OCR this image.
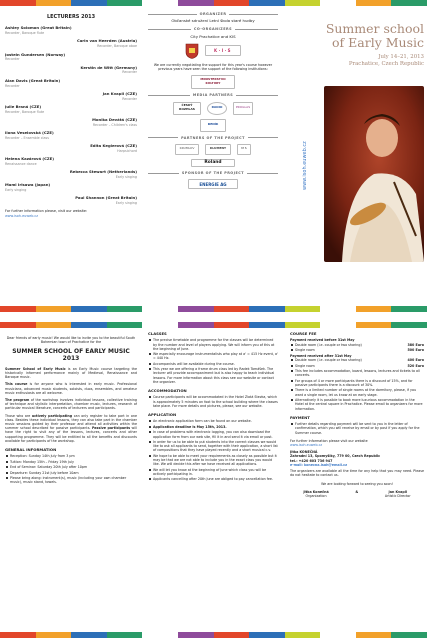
LECTURERS 2013
Ashley Solomon (Great Britain)
Recorder, Baroque flute
Carin van Heerden (Austria)
Recorder, Baroque oboe
Jostein Gundersen (Norway)
Recorder
Kerstin de Witt (Germany)
Recorder
Alan Davis (Great Britain)
Recorder
Jan Kvapil (CZE)
Recorder
Julie Braná (CZE)
Recorder, Baroque flute
Monika Devátá (CZE)
Recorder – Children's class
Ilona Veselovská (CZE)
Recorder – Ensemble class
Edita Keglerová (CZE)
Harpsichord
Helena Kazárová (CZE)
Renaissance dance
Rebecca Stewart (Netherlands)
Early singing
Mami Irisawa (Japan)
Early singing
Paul Shannon (Great Britain)
Early singing
For further information please, visit our website:
www.isoh.euweb.cz
ORGANIZER
Občanské sdružení Letní škola staré hudby
CO-ORGANIZERS
City Prachatice and KIS
K·I·S
We are currently negotiating the support for this year's course however previous years have seen the support of the following institutions:
MINISTERSTVO KULTURY
MEDIA PARTNERS
ČESKÝ ROZHLAS	RADIO	PROGLAS
DENÍK
PARTNERS OF THE PROJECT
KRUMLOV	KLUMENT	M S
Roland
SPONSOR OF THE PROJECT
ENERGIE AG
Summer school
of Early Music
July 14–21, 2013
Prachatice, Czech Republic
www.isoh.euweb.cz
Dear friends of early music! We would like to invite you to the beautiful South Bohemian town of Prachatice for the
SUMMER SCHOOL OF EARLY MUSIC 2013
Summer School of Early Music is an Early Music course targeting the historically informed performance mainly of Medieval, Renaissance and Baroque music.
This course is for anyone who is interested in early music. Professional musicians, advanced music students, soloists, duos, ensembles, and amateur music enthusiasts are all welcome.
The program of the workshop involves individual lessons, collective training of technique and stylistic interpretation, chamber music, lectures, research of particular musical literature, concerts of lecturers and participants.
Those who are actively participating can only register to take part in one class. Besides these individual lessons, they can also take part in the chamber music sessions guided by their professor and attend all activities within the summer school described for passive participants. Passive participants will have the right to visit any of the lessons, lectures, concerts and other supporting programme. They will be entitled to all the benefits and discounts available for participants of the workshop.
GENERAL INFORMATION
Reception: Sunday 14th July from 3 pm
Tuition: Monday 15th – Friday 19th July
End of Seminar: Saturday 20th July after 10pm
Departure: Sunday 21st July before 10am
Please bring along: instrument(s), music (including your own chamber music), music stand, towels.
CLASSES
The precise timetable and programme for the classes will be determined by the number and level of players applying. We will inform you of this at the beginning of June.
We especially encourage instrumentalists who play at a' = 415 Hz event, a' = 440 Hz.
Accompanists will be available during the course.
This year we are offering a frame drum class led by Radek Tomášek. The lecturer will provide accompaniment but is also happy to teach individual lessons. For more information about this class see our website or contact the organizer.
ACCOMMODATION
Course participants will be accommodated in the Hotel Zlatá Stezka, which is approximately 5 minutes on foot to the school building where the classes take place. For more details and pictures, please, see our website.
APPLICATION
An electronic application form can be found on our website.
Application deadline is May 15th, 2013.
In case of problems with electronic logging, you can also download the application form from our web site, fill it in and send it via email or post.
In order for us to be able to put students into the correct classes we would like to ask all applicants to send, together with their application, a short list of compositions that they have played recently and a short musical c.v.
We hope to be able to meet your requirements as closely as possible but it may be that we are not able to include you in the exact class you would like. We will decide this after we have received all applications.
We will let you know at the beginning of June which class you will be actively participating in.
Applicants cancelling after 20th June are obliged to pay cancellation fee.
COURSE FEE
Payment received before 31st May
Double room (i.e. couple or two sharing)	380 Euro
Single room	500 Euro
Payment received after 31st May
Double room (i.e. couple or two sharing)	400 Euro
Single room	520 Euro
This fee includes accommodation, board, lessons, lectures and tickets to all concerts.
For groups of 4 or more participants there is a discount of 15%, and for passive participants there is a discount of 30%.
There is a limited number of single rooms at the dormitory, please, if you want a single room, let us know at an early stage.
Alternatively it is possible to book more luxurious accommodation in the Hotel at the central square in Prachatice. Please email to organizers for more information.
PAYMENT
Further details regarding payment will be sent to you in the letter of confirmation, which you will receive by email or by post if you apply for the Summer course.
For further information please visit our website
www.isoh.euweb.cz
Jitka KONEČNÁ
Zahradní 13, Spomyšlky, 779 00, Czech Republic
tel.: +420 603 736 947
e-mail: konecna.isoh@email.cz
The organizers are available all the time for any help that you may need. Please do not hesitate to contact us.
We are looking forward to seeing you soon!
Jitka Konečná
Organization
&	Jan Kvapil
Artistic Director
